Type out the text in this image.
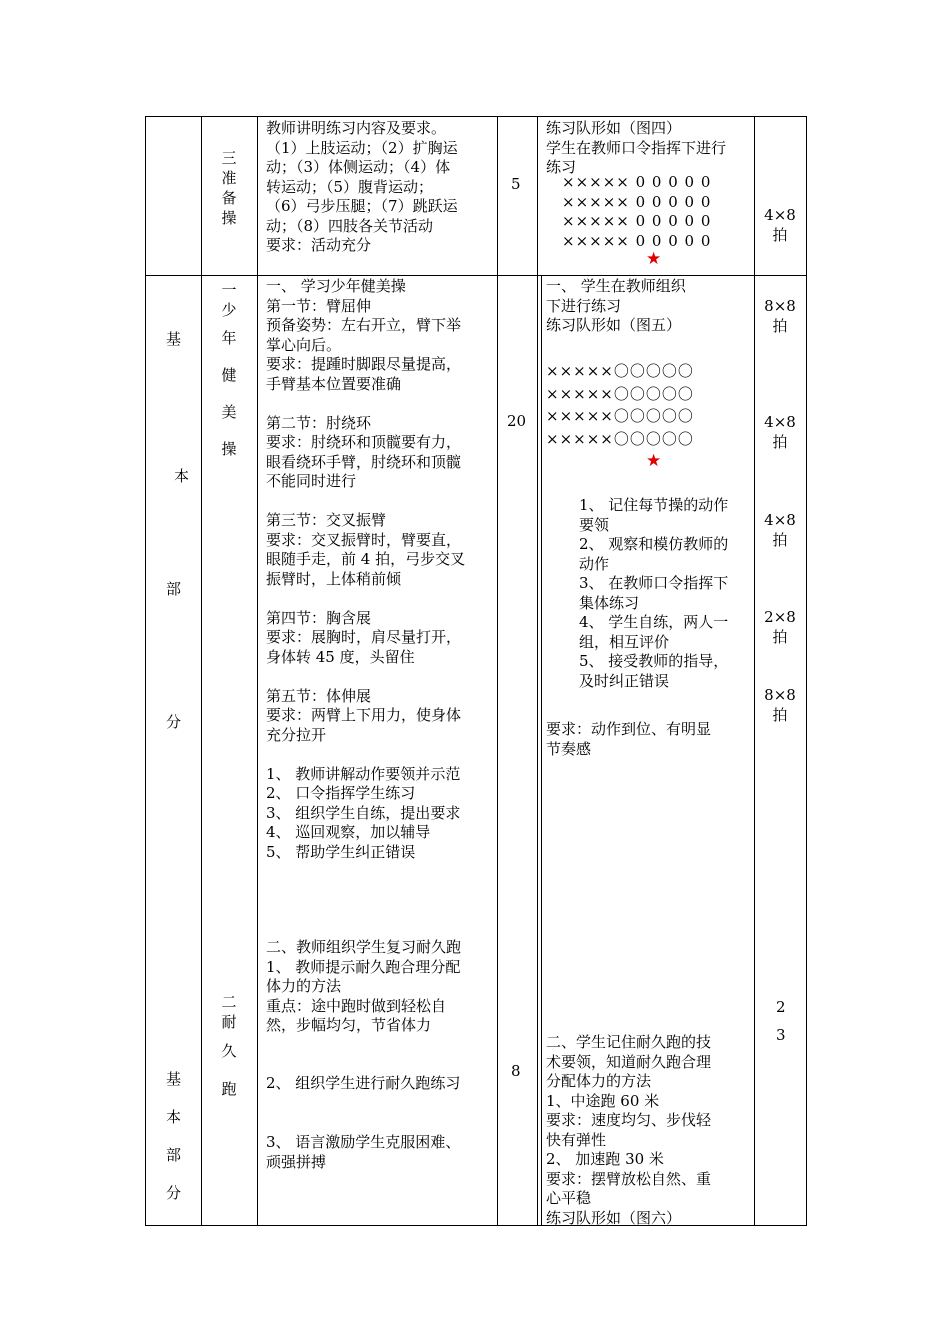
三
准
备
操
教师讲明练习内容及要求。
（1）上肢运动；（2）扩胸运
动；（3）体侧运动；（4）体
转运动；（5）腹背运动；
（6）弓步压腿；（7）跳跃运
动；（8）四肢各关节活动
要求：活动充分
5
练习队形如（图四）
学生在教师口令指挥下进行
练习
××××× 0 0 0 0 0
××××× 0 0 0 0 0
××××× 0 0 0 0 0
××××× 0 0 0 0 0
★
4×8
拍
基
本
部
分
一
少
年
健
美
操
一、 学习少年健美操
第一节：臂屈伸
预备姿势：左右开立，臂下举
掌心向后。
要求：提踵时脚跟尽量提高，
手臂基本位置要准确
第二节：肘绕环
要求：肘绕环和顶髋要有力，
眼看绕环手臂，肘绕环和顶髋
不能同时进行
第三节：交叉振臂
要求：交叉振臂时，臂要直，
眼随手走，前 4 拍，弓步交叉
振臂时，上体稍前倾
第四节：胸含展
要求：展胸时，肩尽量打开，
身体转 45 度，头留住
第五节：体伸展
要求：两臂上下用力，使身体
充分拉开
1、 教师讲解动作要领并示范
2、 口令指挥学生练习
3、 组织学生自练，提出要求
4、 巡回观察，加以辅导
5、 帮助学生纠正错误
20
一、 学生在教师组织
下进行练习
练习队形如（图五）
×××××〇〇〇〇〇
×××××〇〇〇〇〇
×××××〇〇〇〇〇
×××××〇〇〇〇〇
★
1、 记住每节操的动作
要领
2、 观察和模仿教师的
动作
3、 在教师口令指挥下
集体练习
4、 学生自练，两人一
组，相互评价
5、 接受教师的指导，
及时纠正错误
要求：动作到位、有明显
节奏感
8×8
拍
4×8
拍
4×8
拍
2×8
拍
8×8
拍
基
本
部
分
二
耐
久
跑
二、教师组织学生复习耐久跑
1、 教师提示耐久跑合理分配
体力的方法
重点：途中跑时做到轻松自
然，步幅均匀，节省体力
2、 组织学生进行耐久跑练习
3、 语言激励学生克服困难、
顽强拼搏
8
二、学生记住耐久跑的技
术要领，知道耐久跑合理
分配体力的方法
1、中途跑 60 米
要求：速度均匀、步伐轻
快有弹性
2、 加速跑 30 米
要求：摆臂放松自然、重
心平稳
练习队形如（图六）
2
3
